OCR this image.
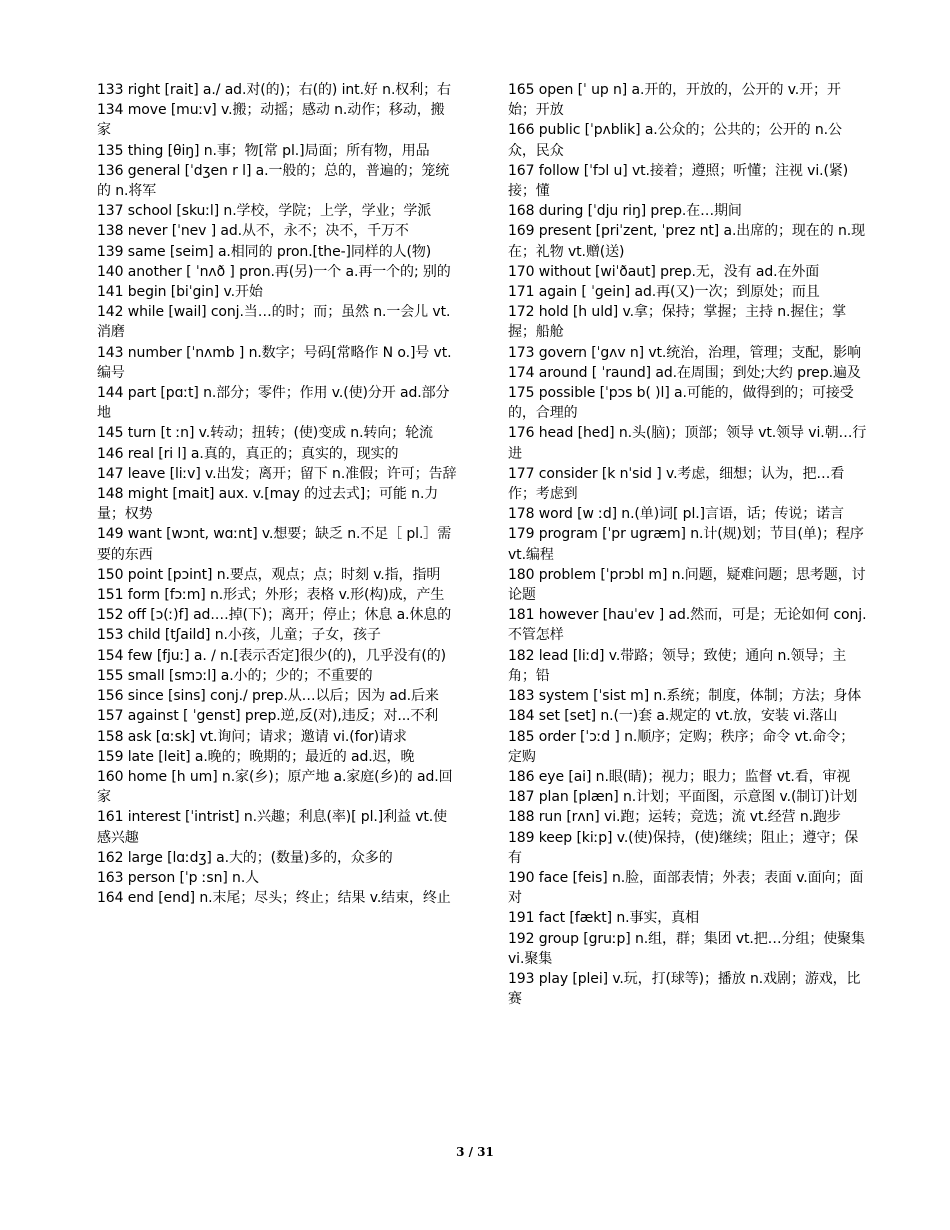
133 right [rait] a./ ad.对(的)；右(的) int.好 n.权利；右
134 move [muːv] v.搬；动摇；感动 n.动作；移动，搬家
135 thing [θiŋ] n.事；物[常 pl.]局面；所有物，用品
136 general [ˈdʒen r l] a.一般的；总的，普遍的；笼统的 n.将军
137 school [skuːl] n.学校，学院；上学，学业；学派
138 never [ˈnev ] ad.从不，永不；决不，千万不
139 same [seim] a.相同的 pron.[the-]同样的人(物)
140 another [ ˈnʌð ] pron.再(另)一个 a.再一个的; 别的
141 begin [biˈgin] v.开始
142 while [wail] conj.当…的时；而；虽然 n.一会儿 vt.消磨
143 number [ˈnʌmb ] n.数字；号码[常略作 N o.]号 vt.编号
144 part [pɑːt] n.部分；零件；作用 v.(使)分开 ad.部分地
145 turn [t ːn] v.转动；扭转；(使)变成 n.转向；轮流
146 real [ri l] a.真的，真正的；真实的，现实的
147 leave [liːv] v.出发；离开；留下 n.准假；许可；告辞
148 might [mait] aux. v.[may 的过去式]；可能 n.力量；权势
149 want [wɔnt, wɑːnt] v.想要；缺乏 n.不足［ pl.］需要的东西
150 point [pɔint] n.要点，观点；点；时刻 v.指，指明
151 form [fɔːm] n.形式；外形；表格 v.形(构)成，产生
152 off [ɔ(ː)f] ad.…掉(下)；离开；停止；休息 a.休息的
153 child [tʃaild] n.小孩，儿童；子女，孩子
154 few [fjuː] a. / n.[表示否定]很少(的)，几乎没有(的)
155 small [smɔːl] a.小的；少的；不重要的
156 since [sins] conj./ prep.从…以后；因为 ad.后来
157 against [ ˈgenst] prep.逆,反(对),违反；对...不利
158 ask [ɑːsk] vt.询问；请求；邀请 vi.(for)请求
159 late [leit] a.晚的；晚期的；最近的 ad.迟，晚
160 home [h um] n.家(乡)；原产地 a.家庭(乡)的 ad.回家
161 interest [ˈintrist] n.兴趣；利息(率)[ pl.]利益 vt.使感兴趣
162 large [lɑːdʒ] a.大的；(数量)多的，众多的
163 person [ˈp ːsn] n.人
164 end [end] n.末尾；尽头；终止；结果 v.结束，终止
165 open [ˈ up n] a.开的，开放的，公开的 v.开；开始；开放
166 public [ˈpʌblik] a.公众的；公共的；公开的 n.公众，民众
167 follow [ˈfɔl u] vt.接着；遵照；听懂；注视 vi.(紧)接；懂
168 during [ˈdju riŋ] prep.在…期间
169 present [priˈzent, ˈprez nt] a.出席的；现在的 n.现在；礼物 vt.赠(送)
170 without [wiˈðaut] prep.无，没有 ad.在外面
171 again [ ˈgein] ad.再(又)一次；到原处；而且
172 hold [h uld] v.拿；保持；掌握；主持 n.握住；掌握；船舱
173 govern [ˈgʌv n] vt.统治，治理，管理；支配，影响
174 around [ ˈraund] ad.在周围；到处;大约 prep.遍及
175 possible [ˈpɔs b( )l] a.可能的，做得到的；可接受的，合理的
176 head [hed] n.头(脑)；顶部；领导 vt.领导 vi.朝…行进
177 consider [k nˈsid ] v.考虑，细想；认为，把…看作；考虑到
178 word [w ːd] n.(单)词[ pl.]言语，话；传说；诺言
179 program [ˈpr ugræm] n.计(规)划；节目(单)；程序 vt.编程
180 problem [ˈprɔbl m] n.问题，疑难问题；思考题，讨论题
181 however [hauˈev ] ad.然而，可是；无论如何 conj.不管怎样
182 lead [liːd] v.带路；领导；致使；通向 n.领导；主角；铅
183 system [ˈsist m] n.系统；制度，体制；方法；身体
184 set [set] n.(一)套 a.规定的 vt.放，安装 vi.落山
185 order [ˈɔːd ] n.顺序；定购；秩序；命令 vt.命令；定购
186 eye [ai] n.眼(睛)；视力；眼力；监督 vt.看，审视
187 plan [plæn] n.计划；平面图，示意图 v.(制订)计划
188 run [rʌn] vi.跑；运转；竞选；流 vt.经营 n.跑步
189 keep [kiːp] v.(使)保持，(使)继续；阻止；遵守；保有
190 face [feis] n.脸，面部表情；外表；表面 v.面向；面对
191 fact [fækt] n.事实，真相
192 group [gruːp] n.组，群；集团 vt.把…分组；使聚集 vi.聚集
193 play [plei] v.玩，打(球等)；播放 n.戏剧；游戏，比赛
3 / 31
